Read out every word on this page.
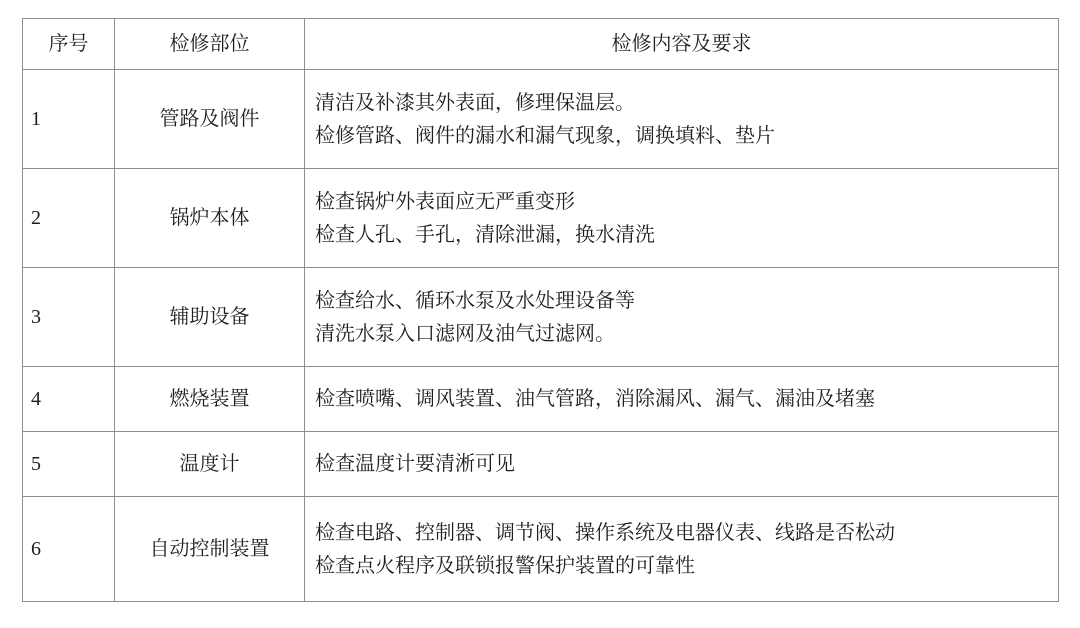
序号	检修部位	检修内容及要求
1	管路及阀件	清洁及补漆其外表面，修理保温层。
检修管路、阀件的漏水和漏气现象，调换填料、垫片

2	锅炉本体	检查锅炉外表面应无严重变形
检查人孔、手孔，清除泄漏，换水清洗

3	辅助设备	检查给水、循环水泵及水处理设备等
清洗水泵入口滤网及油气过滤网。

4	燃烧装置	检查喷嘴、调风装置、油气管路，消除漏风、漏气、漏油及堵塞

5	温度计	检查温度计要清淅可见

6	自动控制装置	检查电路、控制器、调节阀、操作系统及电器仪表、线路是否松动
检查点火程序及联锁报警保护装置的可靠性
